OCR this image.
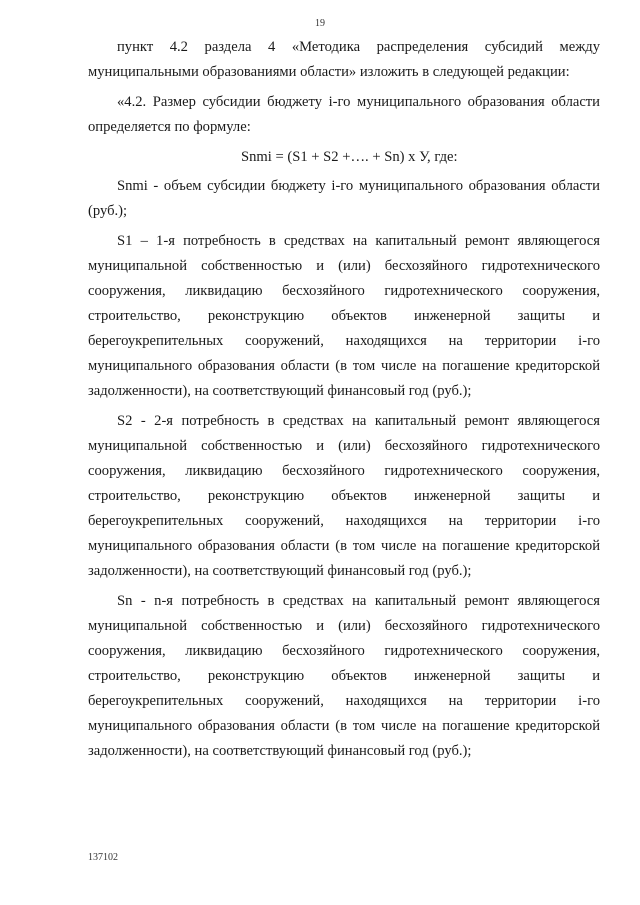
19

пункт 4.2 раздела 4 «Методика распределения субсидий между муниципальными образованиями области» изложить в следующей редакции:

«4.2. Размер субсидии бюджету i-го муниципального образования области определяется по формуле:

Snmi = (S1 + S2 +…. + Sn) х У, где:

Snmi - объем субсидии бюджету i-го муниципального образования области (руб.);

S1 – 1-я потребность в средствах на капитальный ремонт являющегося муниципальной собственностью и (или) бесхозяйного гидротехнического сооружения, ликвидацию бесхозяйного гидротехнического сооружения, строительство, реконструкцию объектов инженерной защиты и берегоукрепительных сооружений, находящихся на территории i-го муниципального образования области (в том числе на погашение кредиторской задолженности), на соответствующий финансовый год (руб.);

S2 - 2-я потребность в средствах на капитальный ремонт являющегося муниципальной собственностью и (или) бесхозяйного гидротехнического сооружения, ликвидацию бесхозяйного гидротехнического сооружения, строительство, реконструкцию объектов инженерной защиты и берегоукрепительных сооружений, находящихся на территории i-го муниципального образования области (в том числе на погашение кредиторской задолженности), на соответствующий финансовый год (руб.);

Sn - n-я потребность в средствах на капитальный ремонт являющегося муниципальной собственностью и (или) бесхозяйного гидротехнического сооружения, ликвидацию бесхозяйного гидротехнического сооружения, строительство, реконструкцию объектов инженерной защиты и берегоукрепительных сооружений, находящихся на территории i-го муниципального образования области (в том числе на погашение кредиторской задолженности), на соответствующий финансовый год (руб.);

137102
